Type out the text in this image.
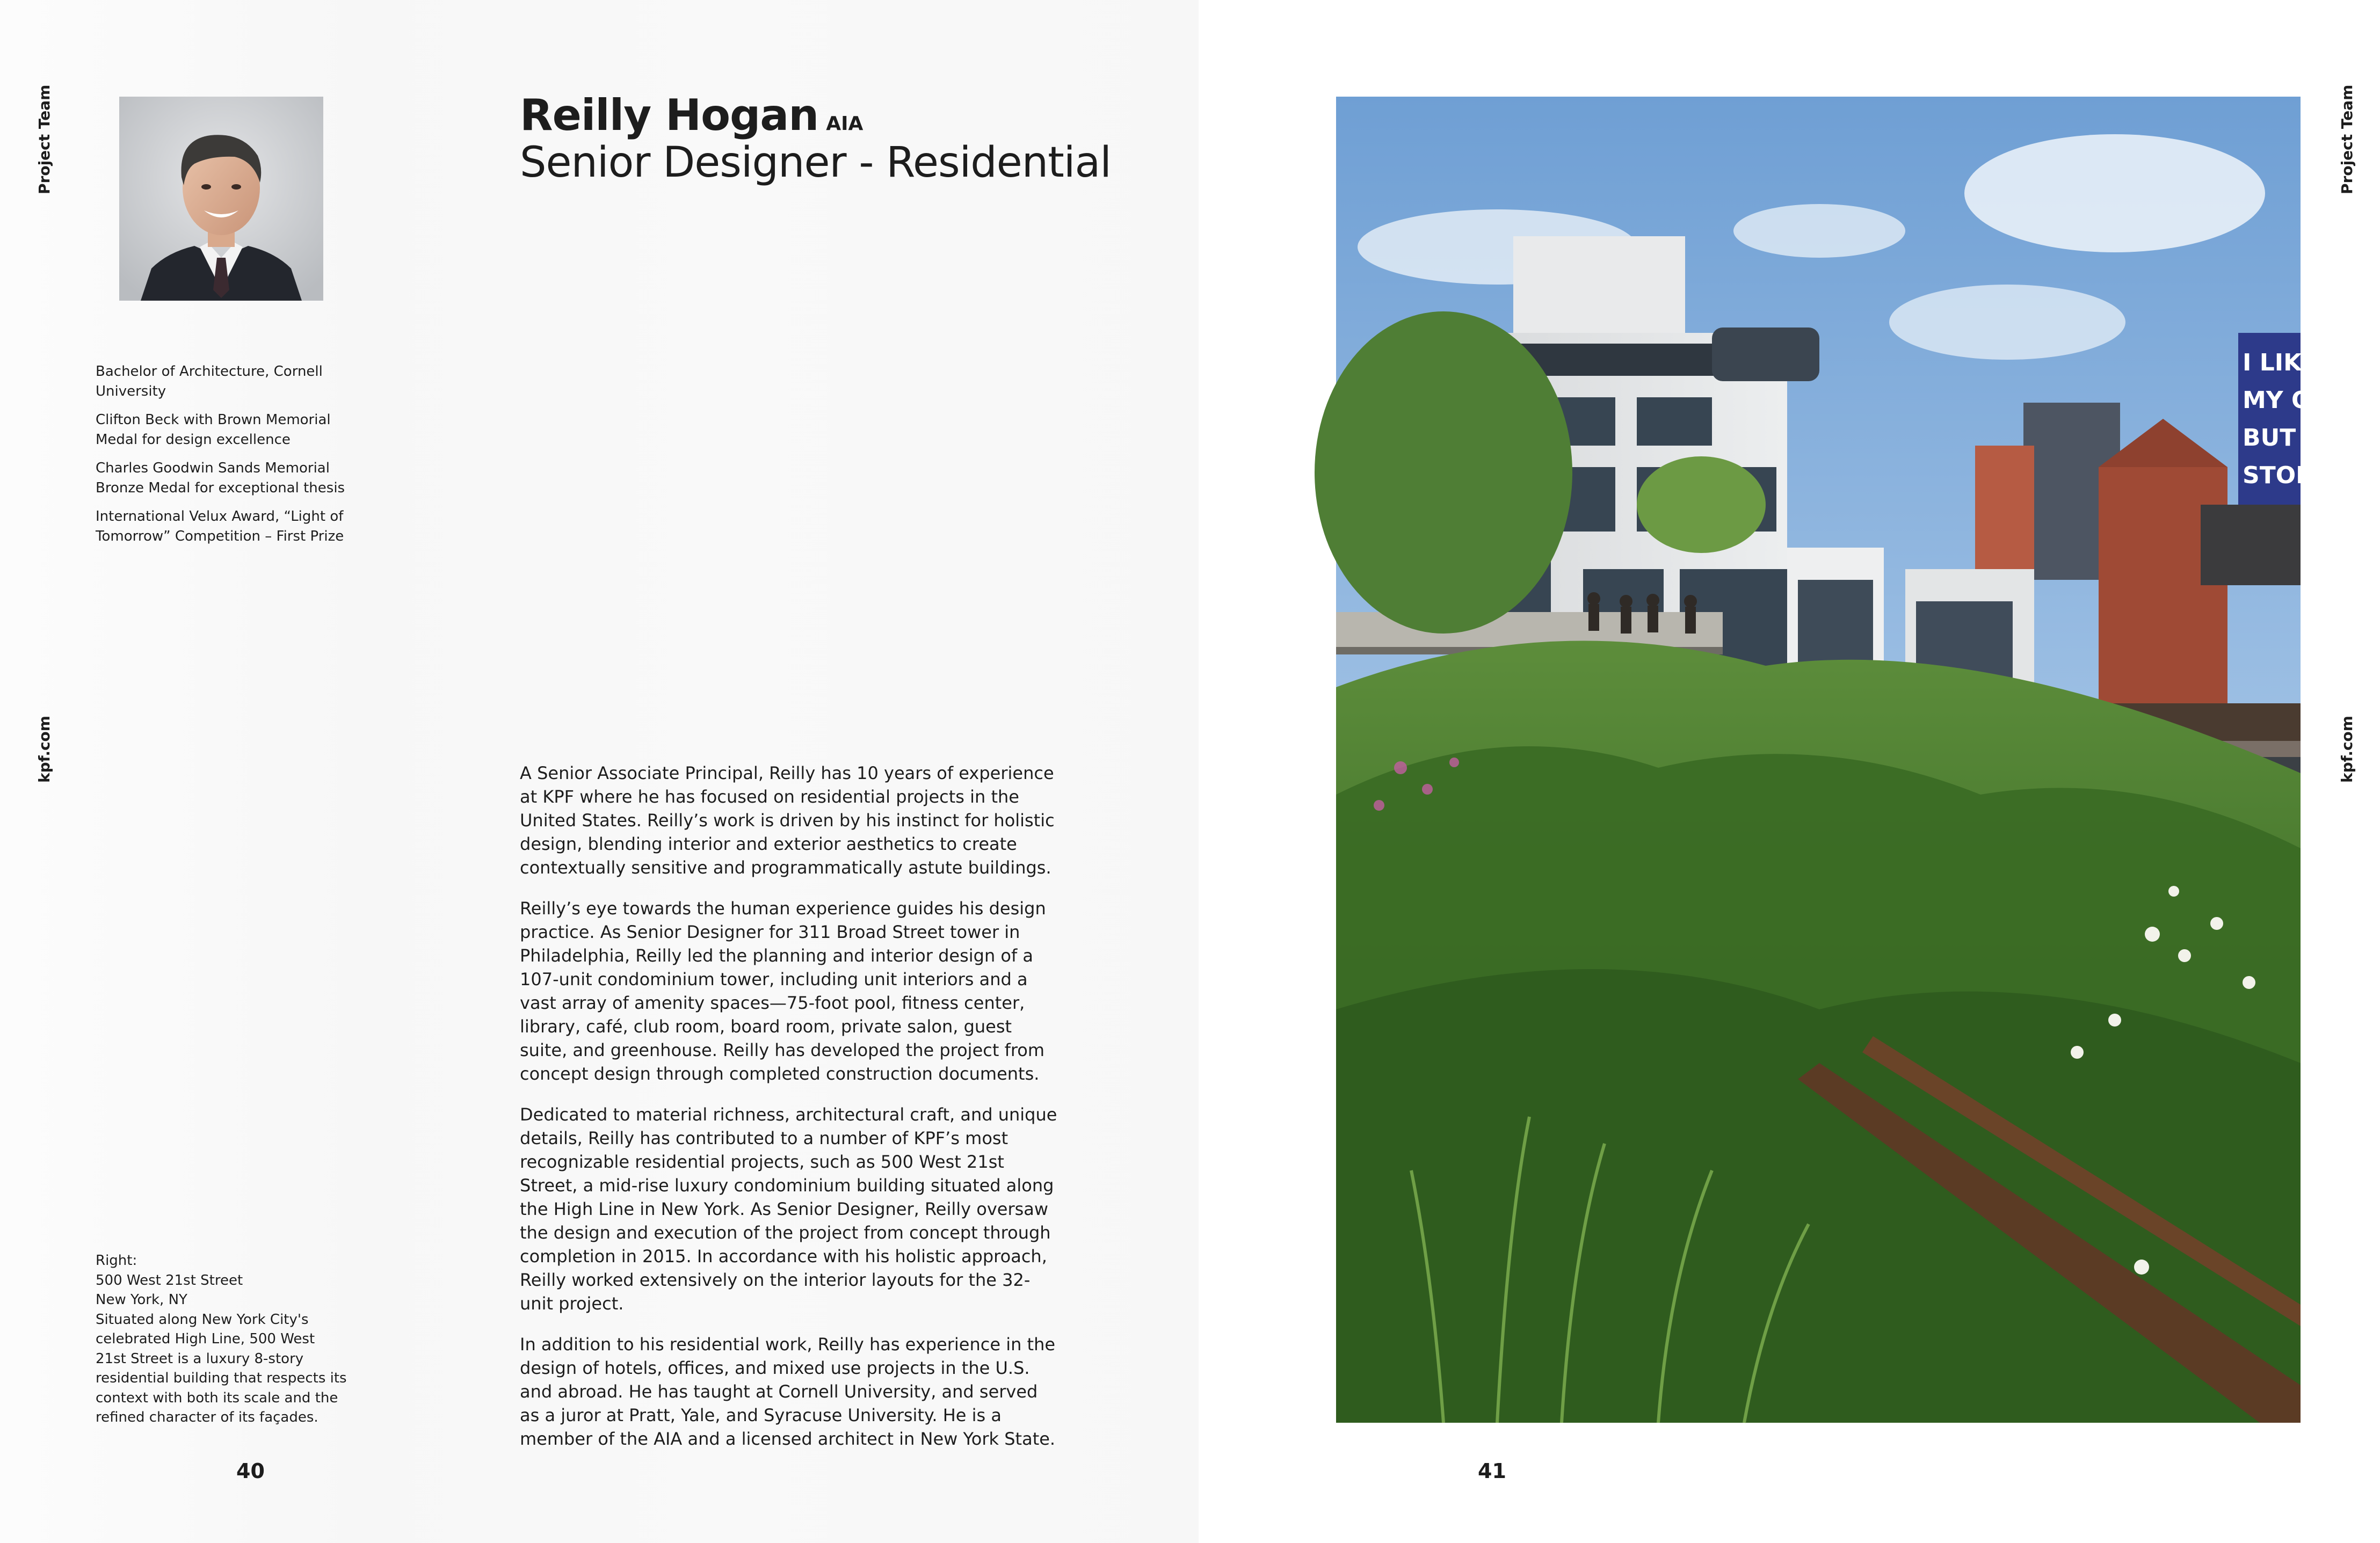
Project Team
kpf.com

Bachelor of Architecture, Cornell University

Clifton Beck with Brown Memorial Medal for design excellence

Charles Goodwin Sands Memorial Bronze Medal for exceptional thesis

International Velux Award, “Light of Tomorrow” Competition – First Prize

Right:

500 West 21st Street

New York, NY

Situated along New York City's celebrated High Line, 500 West 21st Street is a luxury 8-story residential building that respects its context with both its scale and the refined character of its façades.

Reilly Hogan AIA
Senior Designer - Residential

A Senior Associate Principal, Reilly has 10 years of experience at KPF where he has focused on residential projects in the United States. Reilly’s work is driven by his instinct for holistic design, blending interior and exterior aesthetics to create contextually sensitive and programmatically astute buildings.

Reilly’s eye towards the human experience guides his design practice. As Senior Designer for 311 Broad Street tower in Philadelphia, Reilly led the planning and interior design of a 107-unit condominium tower, including unit interiors and a vast array of amenity spaces—75-foot pool, fitness center, library, café, club room, board room, private salon, guest suite, and greenhouse. Reilly has developed the project from concept design through completed construction documents.

Dedicated to material richness, architectural craft, and unique details, Reilly has contributed to a number of KPF’s most recognizable residential projects, such as 500 West 21st Street, a mid-rise luxury condominium building situated along the High Line in New York. As Senior Designer, Reilly oversaw the design and execution of the project from concept through completion in 2015. In accordance with his holistic approach, Reilly worked extensively on the interior layouts for the 32-unit project.

In addition to his residential work, Reilly has experience in the design of hotels, offices, and mixed use projects in the U.S. and abroad. He has taught at Cornell University, and served as a juror at Pratt, Yale, and Syracuse University. He is a member of the AIA and a licensed architect in New York State.

40
I LIKE BE
MY OWN
BUT I LO
STORAGE
Project Team
kpf.com
41
